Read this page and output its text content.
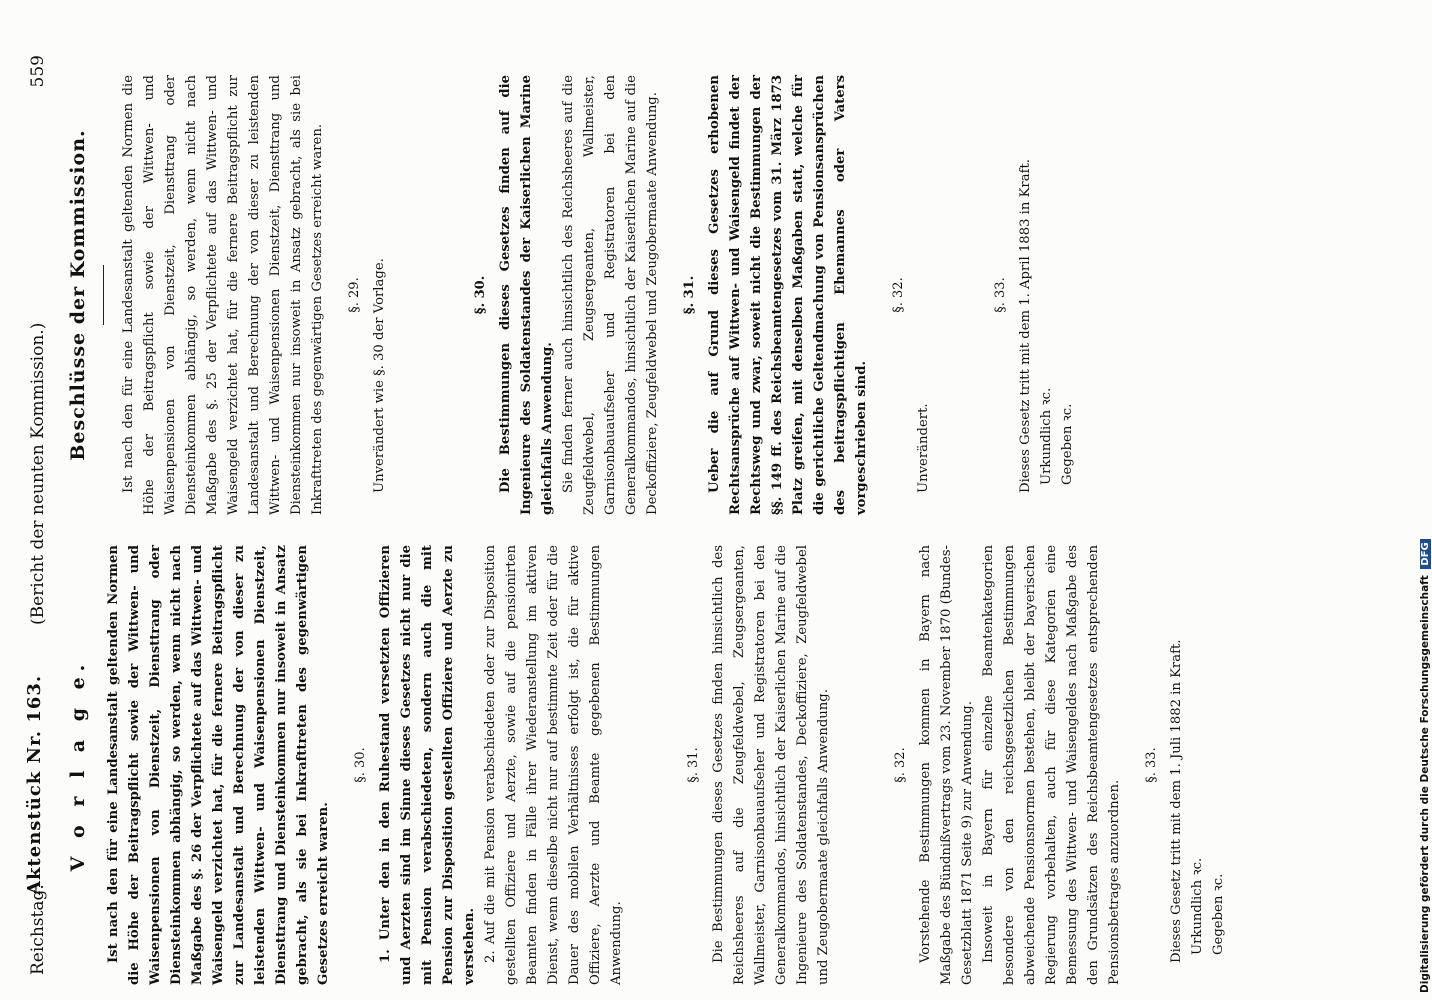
Reichstag.
Aktenstück Nr. 163.
(Bericht der neunten Kommission.)
559
V o r l a g e. Ist nach den für eine Landesanstalt geltenden Normen die Höhe der Beitragspflicht sowie der Wittwen- und Waisenpensionen von Dienstzeit, Diensttrang oder Diensteinkommen abhängig, so werden, wenn nicht nach Maßgabe des §. 26 der Verpflichtete auf das Wittwen- und Waisengeld verzichtet hat, für die fernere Beitragspflicht zur Landesanstalt und Berechnung der von dieser zu leistenden Wittwen- und Waisenpensionen Dienstzeit, Diensttrang und Diensteinkommen nur insoweit in Ansatz gebracht, als sie bei Inkrafttreten des gegenwärtigen Gesetzes erreicht waren.

§. 30. 1. Unter den in den Ruhestand versetzten Offizieren und Aerzten sind im Sinne dieses Gesetzes nicht nur die mit Pension verabschiedeten, sondern auch die mit Pension zur Disposition gestellten Offiziere und Aerzte zu verstehen. 2. Auf die mit Pension verabschiedeten oder zur Disposition gestellten Offiziere und Aerzte, sowie auf die pensionirten Beamten finden in Fälle ihrer Wiederanstellung im aktiven Dienst, wenn dieselbe nicht nur auf bestimmte Zeit oder für die Dauer des mobilen Verhältnisses erfolgt ist, die für aktive Offiziere, Aerzte und Beamte gegebenen Bestimmungen Anwendung.

§. 31. Die Bestimmungen dieses Gesetzes finden hinsichtlich des Reichsheeres auf die Zeugfeldwebel, Zeugsergeanten, Wallmeister, Garnisonbauaufseher und Registratoren bei den Generalkommandos, hinsichtlich der Kaiserlichen Marine auf die Ingenieure des Soldatenstandes, Deckoffiziere, Zeugfeldwebel und Zeugobermaate gleichfalls Anwendung.	§. 32. Vorstehende Bestimmungen kommen in Bayern nach Maßgabe des Bündnißvertrags vom 23. November 1870 (Bundes-Gesetzblatt 1871 Seite 9) zur Anwendung. Insoweit in Bayern für einzelne Beamtenkategorien besondere von den reichsgesetzlichen Bestimmungen abweichende Pensionsnormen bestehen, bleibt der bayerischen Regierung vorbehalten, auch für diese Kategorien eine Bemessung des Wittwen- und Waisengeldes nach Maßgabe des den Grundsätzen des Reichsbeamtengesetzes entsprechenden Pensionsbetrages anzuordnen.

§. 33. Dieses Gesetz tritt mit dem 1. Juli 1882 in Kraft. Urkundlich ꝛc. Gegeben ꝛc.

Beschlüsse der Kommission. Ist nach den für eine Landesanstalt geltenden Normen die Höhe der Beitragspflicht sowie der Wittwen- und Waisenpensionen von Dienstzeit, Diensttrang oder Diensteinkommen abhängig, so werden, wenn nicht nach Maßgabe des §. 25 der Verpflichtete auf das Wittwen- und Waisengeld verzichtet hat, für die fernere Beitragspflicht zur Landesanstalt und Berechnung der von dieser zu leistenden Wittwen- und Waisenpensionen Dienstzeit, Diensttrang und Diensteinkommen nur insoweit in Ansatz gebracht, als sie bei Inkrafttreten des gegenwärtigen Gesetzes erreicht waren. §. 29. Unverändert wie §. 30 der Vorlage.	§. 30. Die Bestimmungen dieses Gesetzes finden auf die Ingenieure des Soldatenstandes der Kaiserlichen Marine gleichfalls Anwendung. Sie finden ferner auch hinsichtlich des Reichsheeres auf die Zeugfeldwebel, Zeugsergeanten, Wallmeister, Garnisonbauaufseher und Registratoren bei den Generalkommandos, hinsichtlich der Kaiserlichen Marine auf die Deckoffiziere, Zeugfeldwebel und Zeugobermaate Anwendung. §. 31. Ueber die auf Grund dieses Gesetzes erhobenen Rechtsansprüche auf Wittwen- und Waisengeld findet der Rechtsweg und zwar, soweit nicht die Bestimmungen der §§. 149 ff. des Reichsbeamtengesetzes vom 31. März 1873 Platz greifen, mit denselben Maßgaben statt, welche für die gerichtliche Geltendmachung von Pensionsansprüchen des beitragspflichtigen Ehemannes oder Vaters vorgeschrieben sind.

§. 32.

Unverändert.

§. 33. Dieses Gesetz tritt mit dem 1. April 1883 in Kraft. Urkundlich ꝛc. Gegeben ꝛc.

Digitalisierung gefördert durch die Deutsche Forschungsgemeinschaft DFG
